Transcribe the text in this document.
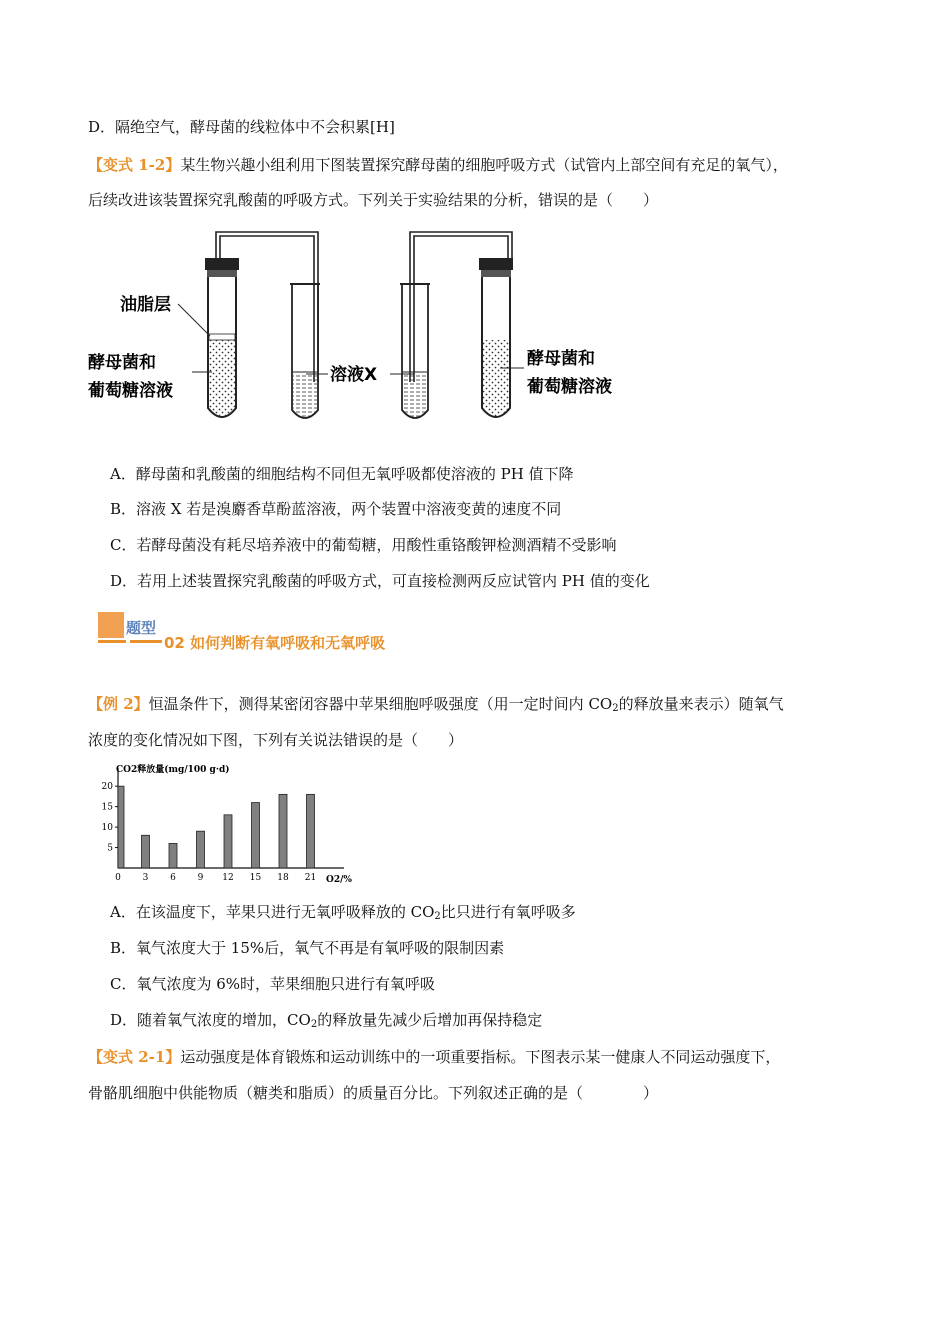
D．隔绝空气，酵母菌的线粒体中不会积累[H]
【变式 1-2】某生物兴趣小组利用下图装置探究酵母菌的细胞呼吸方式（试管内上部空间有充足的氧气），
后续改进该装置探究乳酸菌的呼吸方式。下列关于实验结果的分析，错误的是（　　）
油脂层
酵母菌和
葡萄糖溶液
溶液X
酵母菌和
葡萄糖溶液
A．酵母菌和乳酸菌的细胞结构不同但无氧呼吸都使溶液的 PH 值下降
B．溶液 X 若是溴麝香草酚蓝溶液，两个装置中溶液变黄的速度不同
C．若酵母菌没有耗尽培养液中的葡萄糖，用酸性重铬酸钾检测酒精不受影响
D．若用上述装置探究乳酸菌的呼吸方式，可直接检测两反应试管内 PH 值的变化
题型
02 如何判断有氧呼吸和无氧呼吸
【例 2】恒温条件下，测得某密闭容器中苹果细胞呼吸强度（用一定时间内 $CO_2$的释放量来表示）随氧气
浓度的变化情况如下图，下列有关说法错误的是（　　）
5
10
15
20
0 3 6 9 12 15 18 21
CO2释放量(mg/100 g·d)
O2/%
A．在该温度下，苹果只进行无氧呼吸释放的 $CO_2$比只进行有氧呼吸多
B．氧气浓度大于 15%后，氧气不再是有氧呼吸的限制因素
C．氧气浓度为 6%时，苹果细胞只进行有氧呼吸
D．随着氧气浓度的增加，$CO_2$的释放量先减少后增加再保持稳定
【变式 2-1】运动强度是体育锻炼和运动训练中的一项重要指标。下图表示某一健康人不同运动强度下，
骨骼肌细胞中供能物质（糖类和脂质）的质量百分比。下列叙述正确的是（　　　　）
